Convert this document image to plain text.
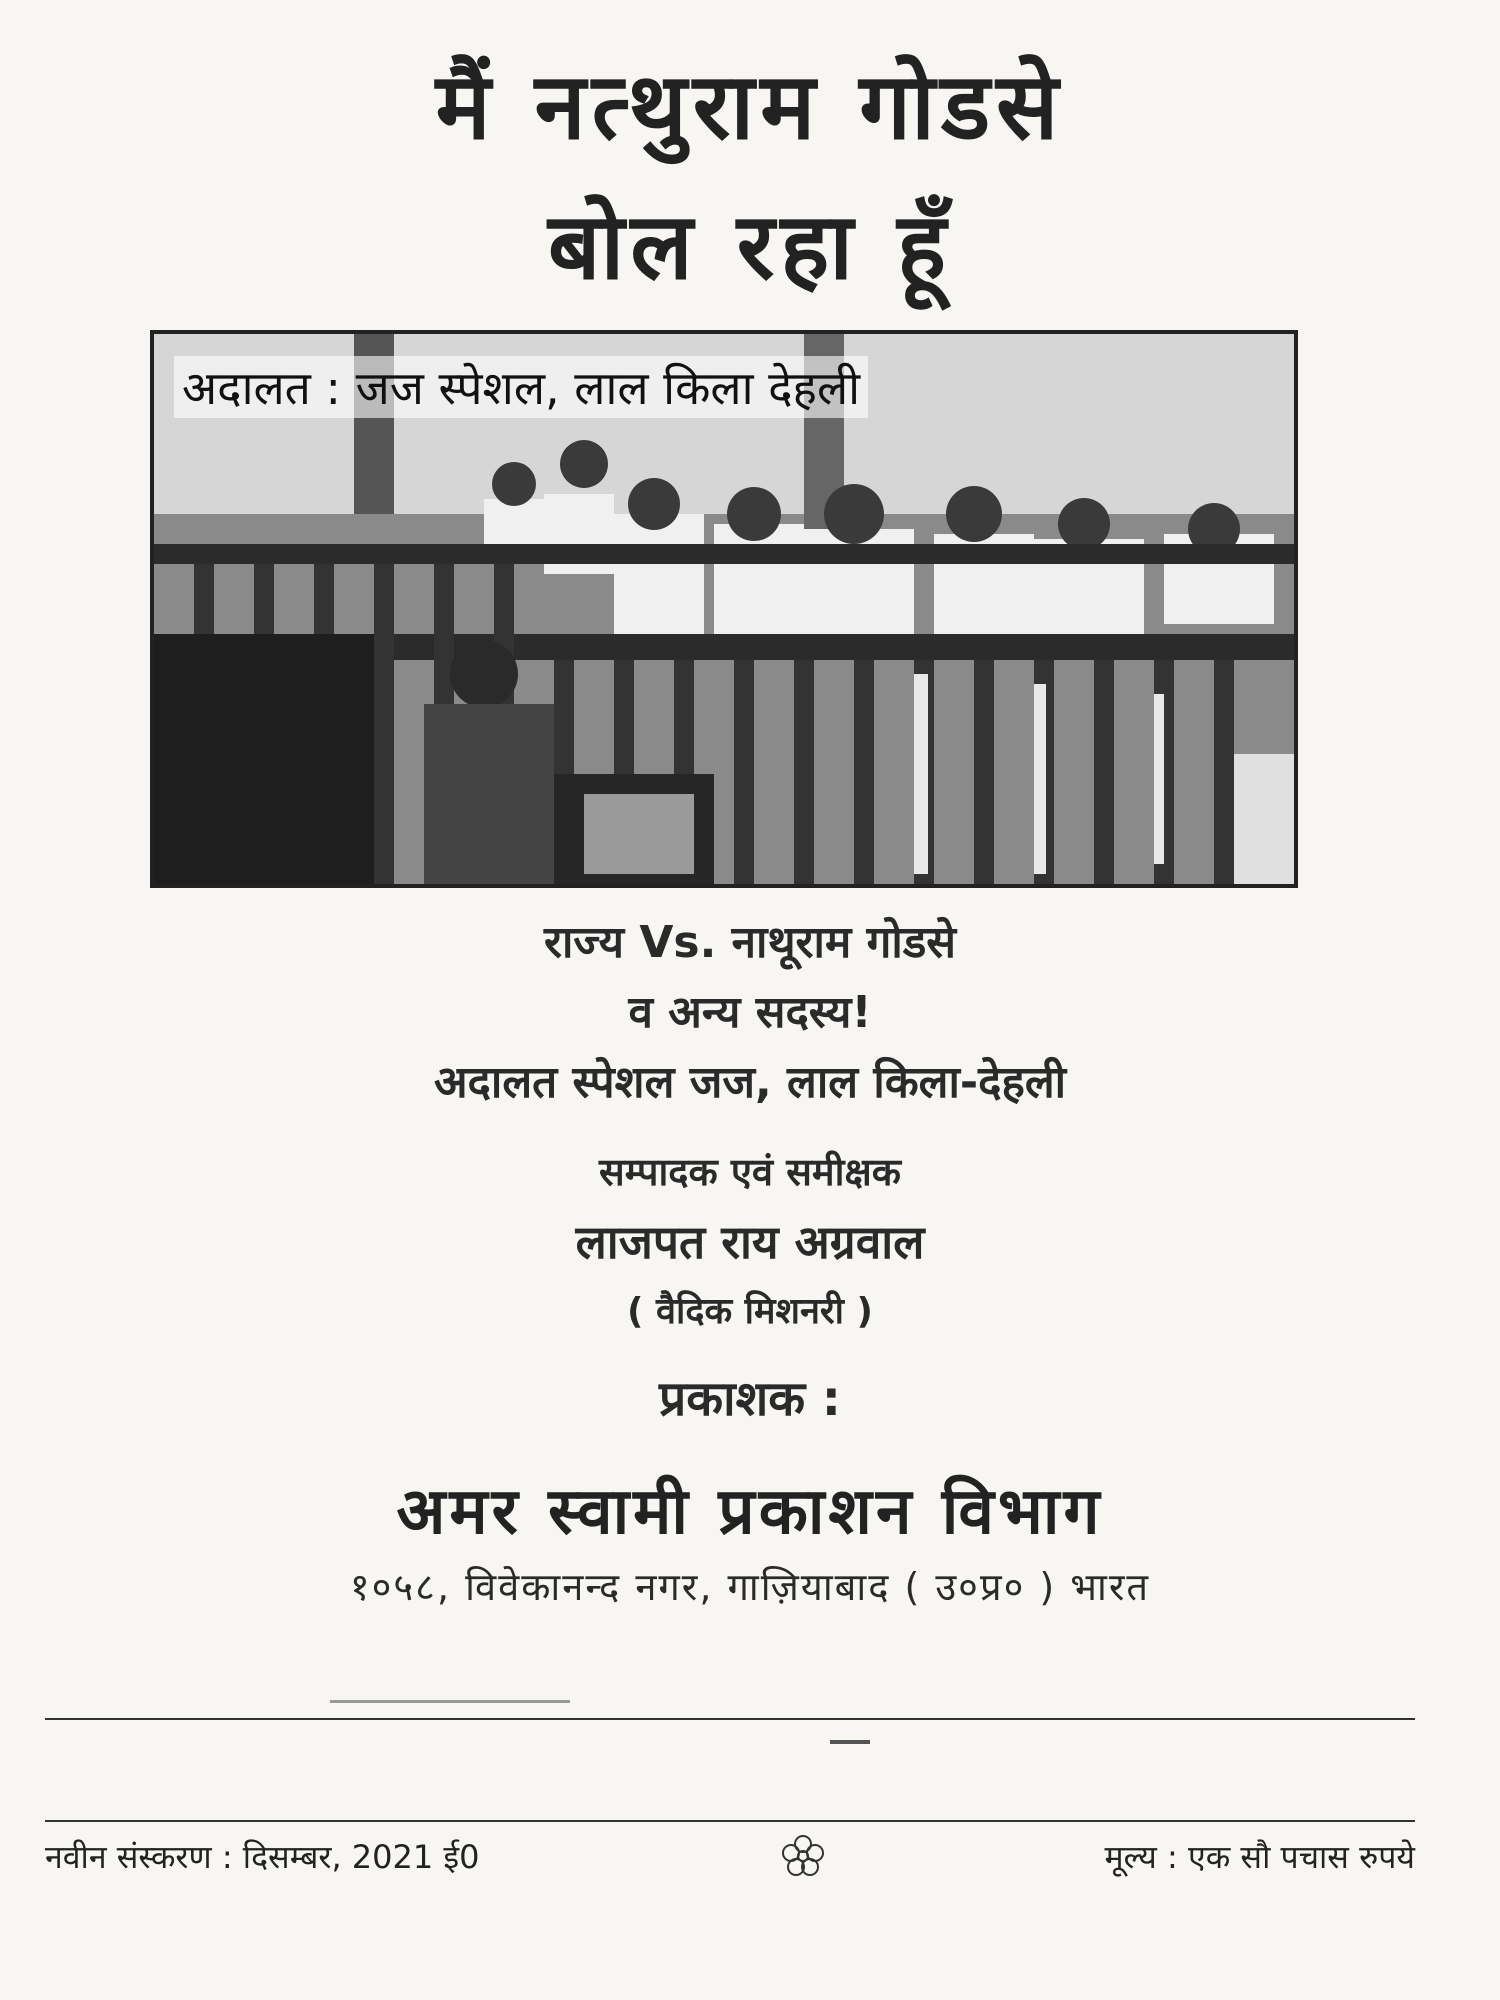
मैं नत्थुराम गोडसे
बोल रहा हूँ
अदालत : जज स्पेशल, लाल किला देहली
राज्य Vs. नाथूराम गोडसे
व अन्य सदस्य!
अदालत स्पेशल जज, लाल किला-देहली
सम्पादक एवं समीक्षक
लाजपत राय अग्रवाल
( वैदिक मिशनरी )
प्रकाशक :
अमर स्वामी प्रकाशन विभाग
१०५८, विवेकानन्द नगर, गाज़ियाबाद ( उ०प्र० ) भारत
नवीन संस्करण : दिसम्बर, 2021 ई0	मूल्य : एक सौ पचास रुपये
